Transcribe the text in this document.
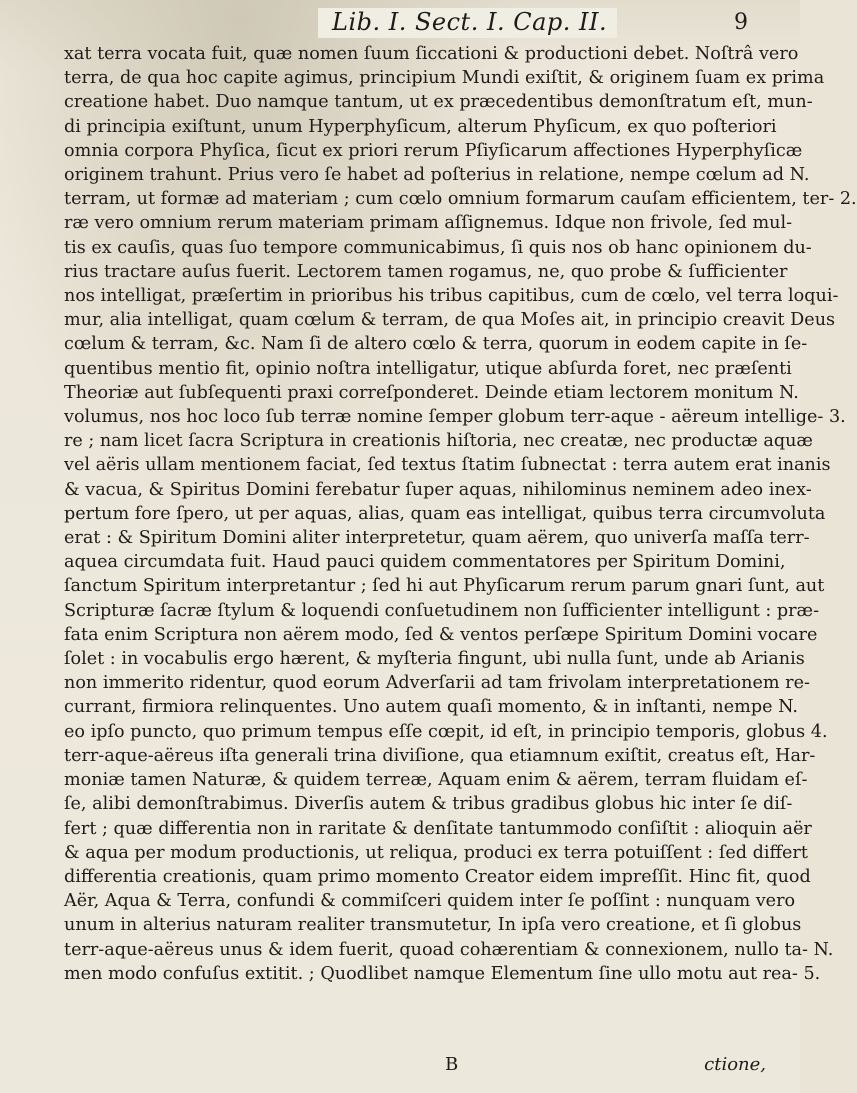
Lib. I. Sect. I. Cap. II.	9
xat terra vocata fuit, quæ nomen ſuum ſiccationi & productioni debet. Noſtrâ vero
terra, de qua hoc capite agimus, principium Mundi exiſtit, & originem ſuam ex prima
creatione habet. Duo namque tantum, ut ex præcedentibus demonſtratum eſt, mun-
di principia exiſtunt, unum Hyperphyſicum, alterum Phyſicum, ex quo poſteriori
omnia corpora Phyſica, ſicut ex priori rerum Pſiyſicarum affectiones Hyperphyſicæ
originem trahunt. Prius vero ſe habet ad poſterius in relatione, nempe cœlum ad N.
terram, ut formæ ad materiam ; cum cœlo omnium formarum cauſam efficientem, ter- 2.
ræ vero omnium rerum materiam primam aſſignemus. Idque non frivole, ſed mul-
tis ex cauſis, quas ſuo tempore communicabimus, ſi quis nos ob hanc opinionem du-
rius tractare auſus fuerit. Lectorem tamen rogamus, ne, quo probe & ſufficienter
nos intelligat, præſertim in prioribus his tribus capitibus, cum de cœlo, vel terra loqui-
mur, alia intelligat, quam cœlum & terram, de qua Moſes ait, in principio creavit Deus
cœlum & terram, &c. Nam ſi de altero cœlo & terra, quorum in eodem capite in ſe-
quentibus mentio fit, opinio noſtra intelligatur, utique abſurda foret, nec præſenti
Theoriæ aut ſubſequenti praxi correſponderet. Deinde etiam lectorem monitum N.
volumus, nos hoc loco ſub terræ nomine ſemper globum terr-aque - aëreum intellige- 3.
re ; nam licet ſacra Scriptura in creationis hiſtoria, nec creatæ, nec productæ aquæ
vel aëris ullam mentionem faciat, ſed textus ſtatim ſubnectat : terra autem erat inanis
& vacua, & Spiritus Domini ferebatur ſuper aquas, nihilominus neminem adeo inex-
pertum fore ſpero, ut per aquas, alias, quam eas intelligat, quibus terra circumvoluta
erat : & Spiritum Domini aliter interpretetur, quam aërem, quo univerſa maſſa terr-
aquea circumdata fuit. Haud pauci quidem commentatores per Spiritum Domini,
ſanctum Spiritum interpretantur ; ſed hi aut Phyſicarum rerum parum gnari ſunt, aut
Scripturæ ſacræ ſtylum & loquendi conſuetudinem non ſufficienter intelligunt : præ-
fata enim Scriptura non aërem modo, ſed & ventos perſæpe Spiritum Domini vocare
ſolet : in vocabulis ergo hærent, & myſteria fingunt, ubi nulla ſunt, unde ab Arianis
non immerito ridentur, quod eorum Adverſarii ad tam frivolam interpretationem re-
currant, firmiora relinquentes. Uno autem quaſi momento, & in inſtanti, nempe N.
eo ipſo puncto, quo primum tempus eſſe cœpit, id eſt, in principio temporis, globus 4.
terr-aque-aëreus iſta generali trina diviſione, qua etiamnum exiſtit, creatus eſt, Har-
moniæ tamen Naturæ, & quidem terreæ, Aquam enim & aërem, terram fluidam eſ-
ſe, alibi demonſtrabimus. Diverſis autem & tribus gradibus globus hic inter ſe diſ-
fert ; quæ differentia non in raritate & denſitate tantummodo conſiſtit : alioquin aër
& aqua per modum productionis, ut reliqua, produci ex terra potuiſſent : ſed differt
differentia creationis, quam primo momento Creator eidem impreſſit. Hinc fit, quod
Aër, Aqua & Terra, confundi & commiſceri quidem inter ſe poſſint : nunquam vero
unum in alterius naturam realiter transmutetur, In ipſa vero creatione, et ſi globus
terr-aque-aëreus unus & idem fuerit, quoad cohærentiam & connexionem, nullo ta- N.
men modo confuſus extitit. ; Quodlibet namque Elementum ſine ullo motu aut rea- 5.
B	ctione,
